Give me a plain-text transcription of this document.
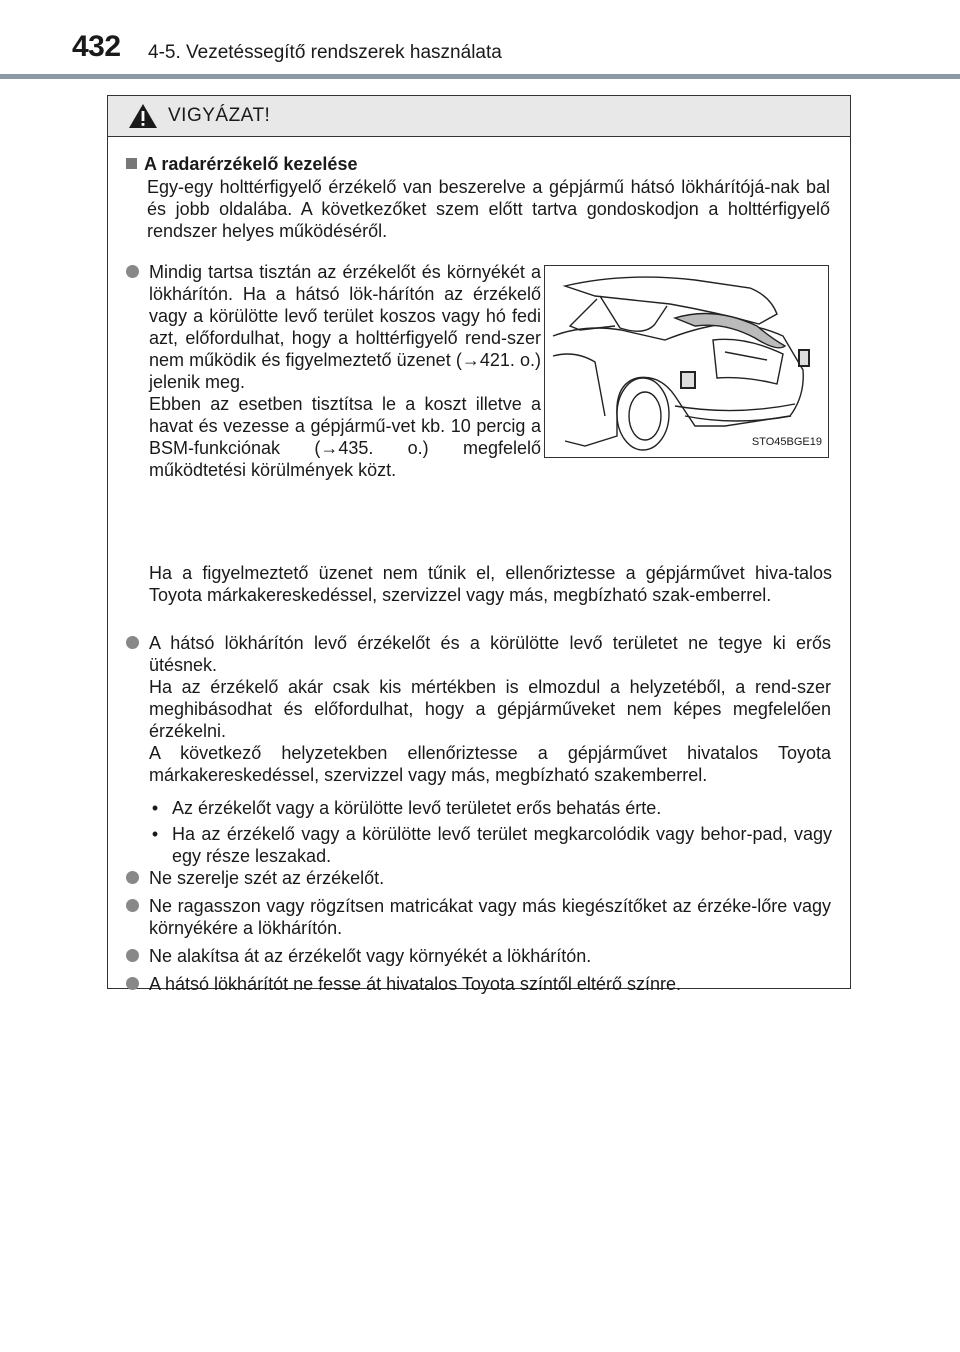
432 4-5. Vezetéssegítő rendszerek használata
VIGYÁZAT!
A radarérzékelő kezelése

Egy-egy holttérfigyelő érzékelő van beszerelve a gépjármű hátsó lökhárítójá-nak bal és jobb oldalába. A következőket szem előtt tartva gondoskodjon a holttérfigyelő rendszer helyes működéséről.

Mindig tartsa tisztán az érzékelőt és környékét a lökhárítón. Ha a hátsó lök-hárítón az érzékelő vagy a körülötte levő terület koszos vagy hó fedi azt, előfordulhat, hogy a holttérfigyelő rend-szer nem működik és figyelmeztető üzenet (→421. o.) jelenik meg.

Ebben az esetben tisztítsa le a koszt illetve a havat és vezesse a gépjármű-vet kb. 10 percig a BSM-funkciónak (→435. o.) megfelelő működtetési körülmények közt.

STO45BGE19

Ha a figyelmeztető üzenet nem tűnik el, ellenőriztesse a gépjárművet hiva-talos Toyota márkakereskedéssel, szervizzel vagy más, megbízható szak-emberrel.

A hátsó lökhárítón levő érzékelőt és a körülötte levő területet ne tegye ki erős ütésnek.

Ha az érzékelő akár csak kis mértékben is elmozdul a helyzetéből, a rend-szer meghibásodhat és előfordulhat, hogy a gépjárműveket nem képes megfelelően érzékelni.

A következő helyzetekben ellenőriztesse a gépjárművet hivatalos Toyota márkakereskedéssel, szervizzel vagy más, megbízható szakemberrel.

• Az érzékelőt vagy a körülötte levő területet erős behatás érte.

• Ha az érzékelő vagy a körülötte levő terület megkarcolódik vagy behor-pad, vagy egy része leszakad.

Ne szerelje szét az érzékelőt.

Ne ragasszon vagy rögzítsen matricákat vagy más kiegészítőket az érzéke-lőre vagy környékére a lökhárítón.

Ne alakítsa át az érzékelőt vagy környékét a lökhárítón.

A hátsó lökhárítót ne fesse át hivatalos Toyota színtől eltérő színre.
